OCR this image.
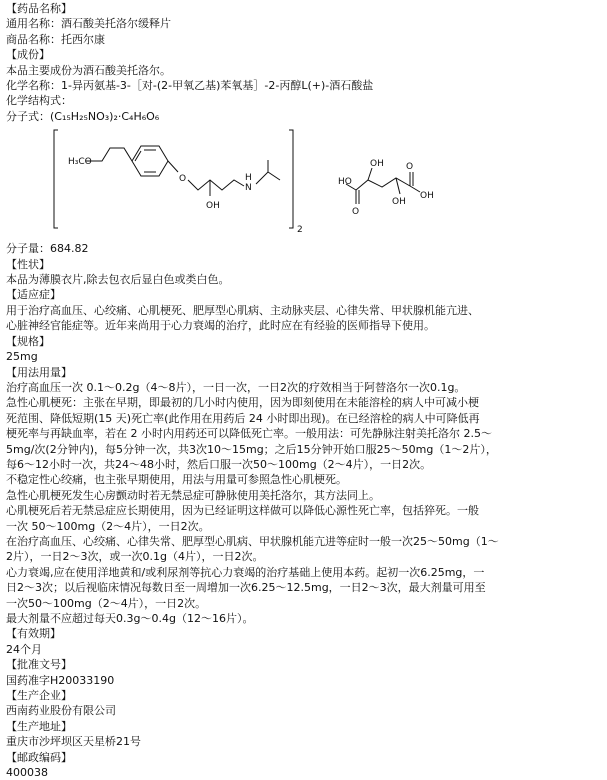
【药品名称】
通用名称：酒石酸美托洛尔缓释片
商品名称：托西尔康
【成份】
本品主要成份为酒石酸美托洛尔。
化学名称：1-异丙氨基-3-［对-(2-甲氧乙基)苯氧基］-2-丙醇L(+)-酒石酸盐
化学结构式：
分子式：(C₁₅H₂₅NO₃)₂·C₄H₆O₆
H₃CO
O
OH
H
N
2
HO
O
OH
OH
O
OH
分子量：684.82
【性状】
本品为薄膜衣片,除去包衣后显白色或类白色。
【适应症】
用于治疗高血压、心绞痛、心肌梗死、肥厚型心肌病、主动脉夹层、心律失常、甲状腺机能亢进、
心脏神经官能症等。近年来尚用于心力衰竭的治疗，此时应在有经验的医师指导下使用。
【规格】
25mg
【用法用量】
治疗高血压一次 0.1～0.2g（4～8片），一日一次，一日2次的疗效相当于阿替洛尔一次0.1g。
急性心肌梗死：主张在早期，即最初的几小时内使用，因为即刻使用在未能溶栓的病人中可减小梗
死范围、降低短期(15 天)死亡率(此作用在用药后 24 小时即出现)。在已经溶栓的病人中可降低再
梗死率与再缺血率，若在 2 小时内用药还可以降低死亡率。一般用法：可先静脉注射美托洛尔 2.5～
5mg/次(2分钟内)，每5分钟一次，共3次10～15mg；之后15分钟开始口服25～50mg（1～2片），
每6～12小时一次，共24～48小时，然后口服一次50～100mg（2～4片），一日2次。
不稳定性心绞痛，也主张早期使用，用法与用量可参照急性心肌梗死。
急性心肌梗死发生心房颤动时若无禁忌症可静脉使用美托洛尔，其方法同上。
心肌梗死后若无禁忌症应长期使用，因为已经证明这样做可以降低心源性死亡率，包括猝死。一般
一次 50～100mg（2～4片），一日2次。
在治疗高血压、心绞痛、心律失常、肥厚型心肌病、甲状腺机能亢进等症时一般一次25～50mg（1～
2片），一日2～3次，或一次0.1g（4片），一日2次。
心力衰竭,应在使用洋地黄和/或利尿剂等抗心力衰竭的治疗基础上使用本药。起初一次6.25mg，一
日2～3次；以后视临床情况每数日至一周增加一次6.25～12.5mg，一日2～3次，最大剂量可用至
一次50～100mg（2～4片），一日2次。
最大剂量不应超过每天0.3g～0.4g（12～16片）。
【有效期】
24个月
【批准文号】
国药准字H20033190
【生产企业】
西南药业股份有限公司
【生产地址】
重庆市沙坪坝区天星桥21号
【邮政编码】
400038
